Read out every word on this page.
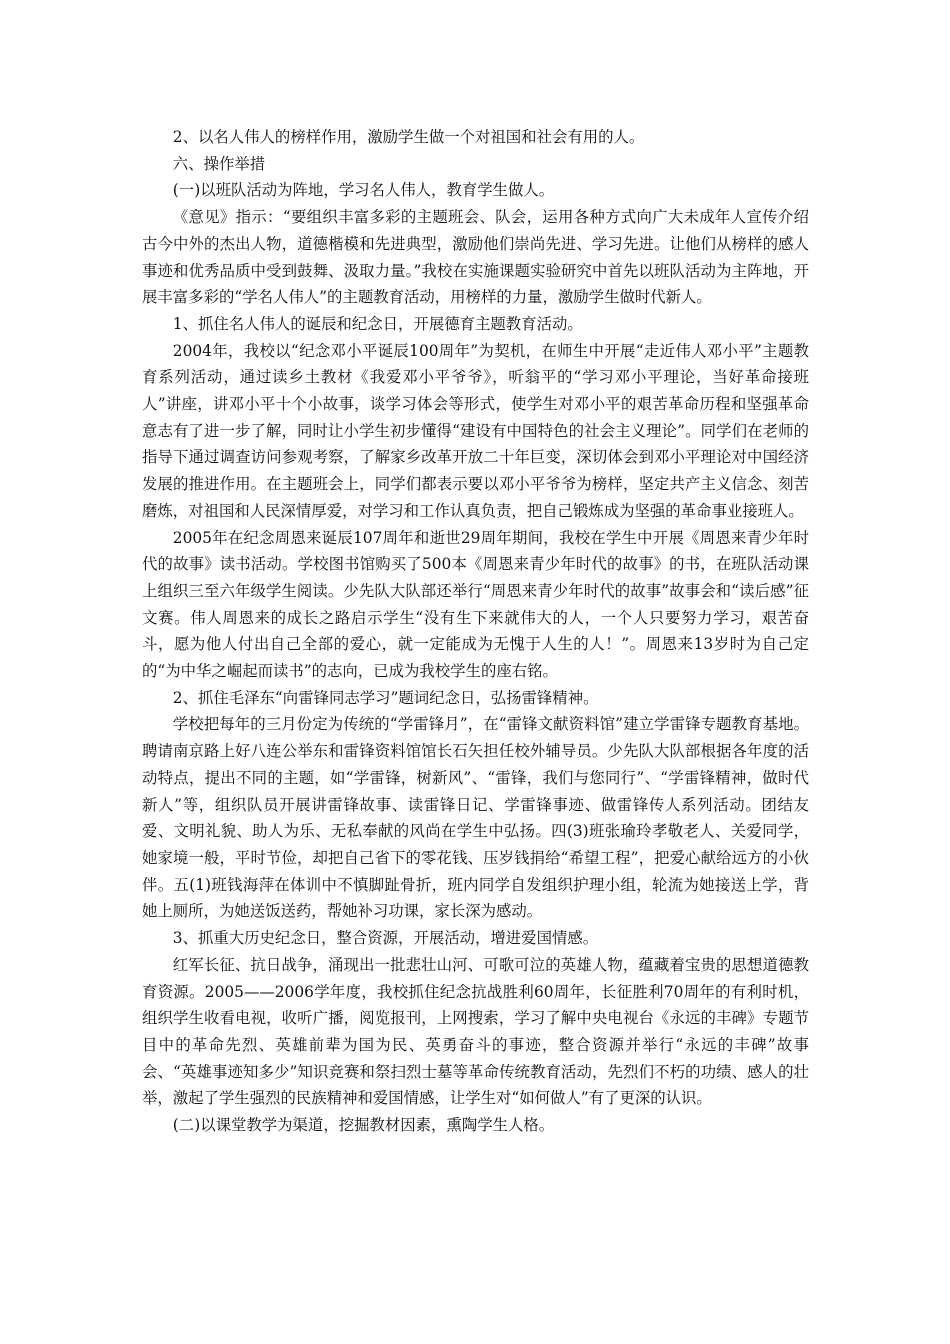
2、以名人伟人的榜样作用，激励学生做一个对祖国和社会有用的人。

六、操作举措

(一)以班队活动为阵地，学习名人伟人，教育学生做人。

《意见》指示：“要组织丰富多彩的主题班会、队会，运用各种方式向广大未成年人宣传介绍古今中外的杰出人物，道德楷模和先进典型，激励他们崇尚先进、学习先进。让他们从榜样的感人事迹和优秀品质中受到鼓舞、汲取力量。”我校在实施课题实验研究中首先以班队活动为主阵地，开展丰富多彩的“学名人伟人”的主题教育活动，用榜样的力量，激励学生做时代新人。

1、抓住名人伟人的诞辰和纪念日，开展德育主题教育活动。

2004年，我校以“纪念邓小平诞辰100周年”为契机，在师生中开展“走近伟人邓小平”主题教育系列活动，通过读乡土教材《我爱邓小平爷爷》，听翁平的“学习邓小平理论，当好革命接班人”讲座，讲邓小平十个小故事，谈学习体会等形式，使学生对邓小平的艰苦革命历程和坚强革命意志有了进一步了解，同时让小学生初步懂得“建设有中国特色的社会主义理论”。同学们在老师的指导下通过调查访问参观考察，了解家乡改革开放二十年巨变，深切体会到邓小平理论对中国经济发展的推进作用。在主题班会上，同学们都表示要以邓小平爷爷为榜样，坚定共产主义信念、刻苦磨炼，对祖国和人民深情厚爱，对学习和工作认真负责，把自己锻炼成为坚强的革命事业接班人。

2005年在纪念周恩来诞辰107周年和逝世29周年期间，我校在学生中开展《周恩来青少年时代的故事》读书活动。学校图书馆购买了500本《周恩来青少年时代的故事》的书，在班队活动课上组织三至六年级学生阅读。少先队大队部还举行“周恩来青少年时代的故事”故事会和“读后感”征文赛。伟人周恩来的成长之路启示学生“没有生下来就伟大的人，一个人只要努力学习，艰苦奋斗，愿为他人付出自己全部的爱心，就一定能成为无愧于人生的人！”。周恩来13岁时为自己定的“为中华之崛起而读书”的志向，已成为我校学生的座右铭。

2、抓住毛泽东“向雷锋同志学习”题词纪念日，弘扬雷锋精神。

学校把每年的三月份定为传统的“学雷锋月”，在“雷锋文献资料馆”建立学雷锋专题教育基地。聘请南京路上好八连公举东和雷锋资料馆馆长石矢担任校外辅导员。少先队大队部根据各年度的活动特点，提出不同的主题，如“学雷锋，树新风”、“雷锋，我们与您同行”、“学雷锋精神，做时代新人”等，组织队员开展讲雷锋故事、读雷锋日记、学雷锋事迹、做雷锋传人系列活动。团结友爱、文明礼貌、助人为乐、无私奉献的风尚在学生中弘扬。四(3)班张瑜玲孝敬老人、关爱同学，她家境一般，平时节俭，却把自己省下的零花钱、压岁钱捐给“希望工程”，把爱心献给远方的小伙伴。五(1)班钱海萍在体训中不慎脚趾骨折，班内同学自发组织护理小组，轮流为她接送上学，背她上厕所，为她送饭送药，帮她补习功课，家长深为感动。

3、抓重大历史纪念日，整合资源，开展活动，增进爱国情感。

红军长征、抗日战争，涌现出一批悲壮山河、可歌可泣的英雄人物，蕴藏着宝贵的思想道德教育资源。2005——2006学年度，我校抓住纪念抗战胜利60周年，长征胜利70周年的有利时机，组织学生收看电视，收听广播，阅览报刊，上网搜索，学习了解中央电视台《永远的丰碑》专题节目中的革命先烈、英雄前辈为国为民、英勇奋斗的事迹，整合资源并举行“永远的丰碑”故事会、“英雄事迹知多少”知识竞赛和祭扫烈士墓等革命传统教育活动，先烈们不朽的功绩、感人的壮举，激起了学生强烈的民族精神和爱国情感，让学生对“如何做人”有了更深的认识。

(二)以课堂教学为渠道，挖掘教材因素，熏陶学生人格。
